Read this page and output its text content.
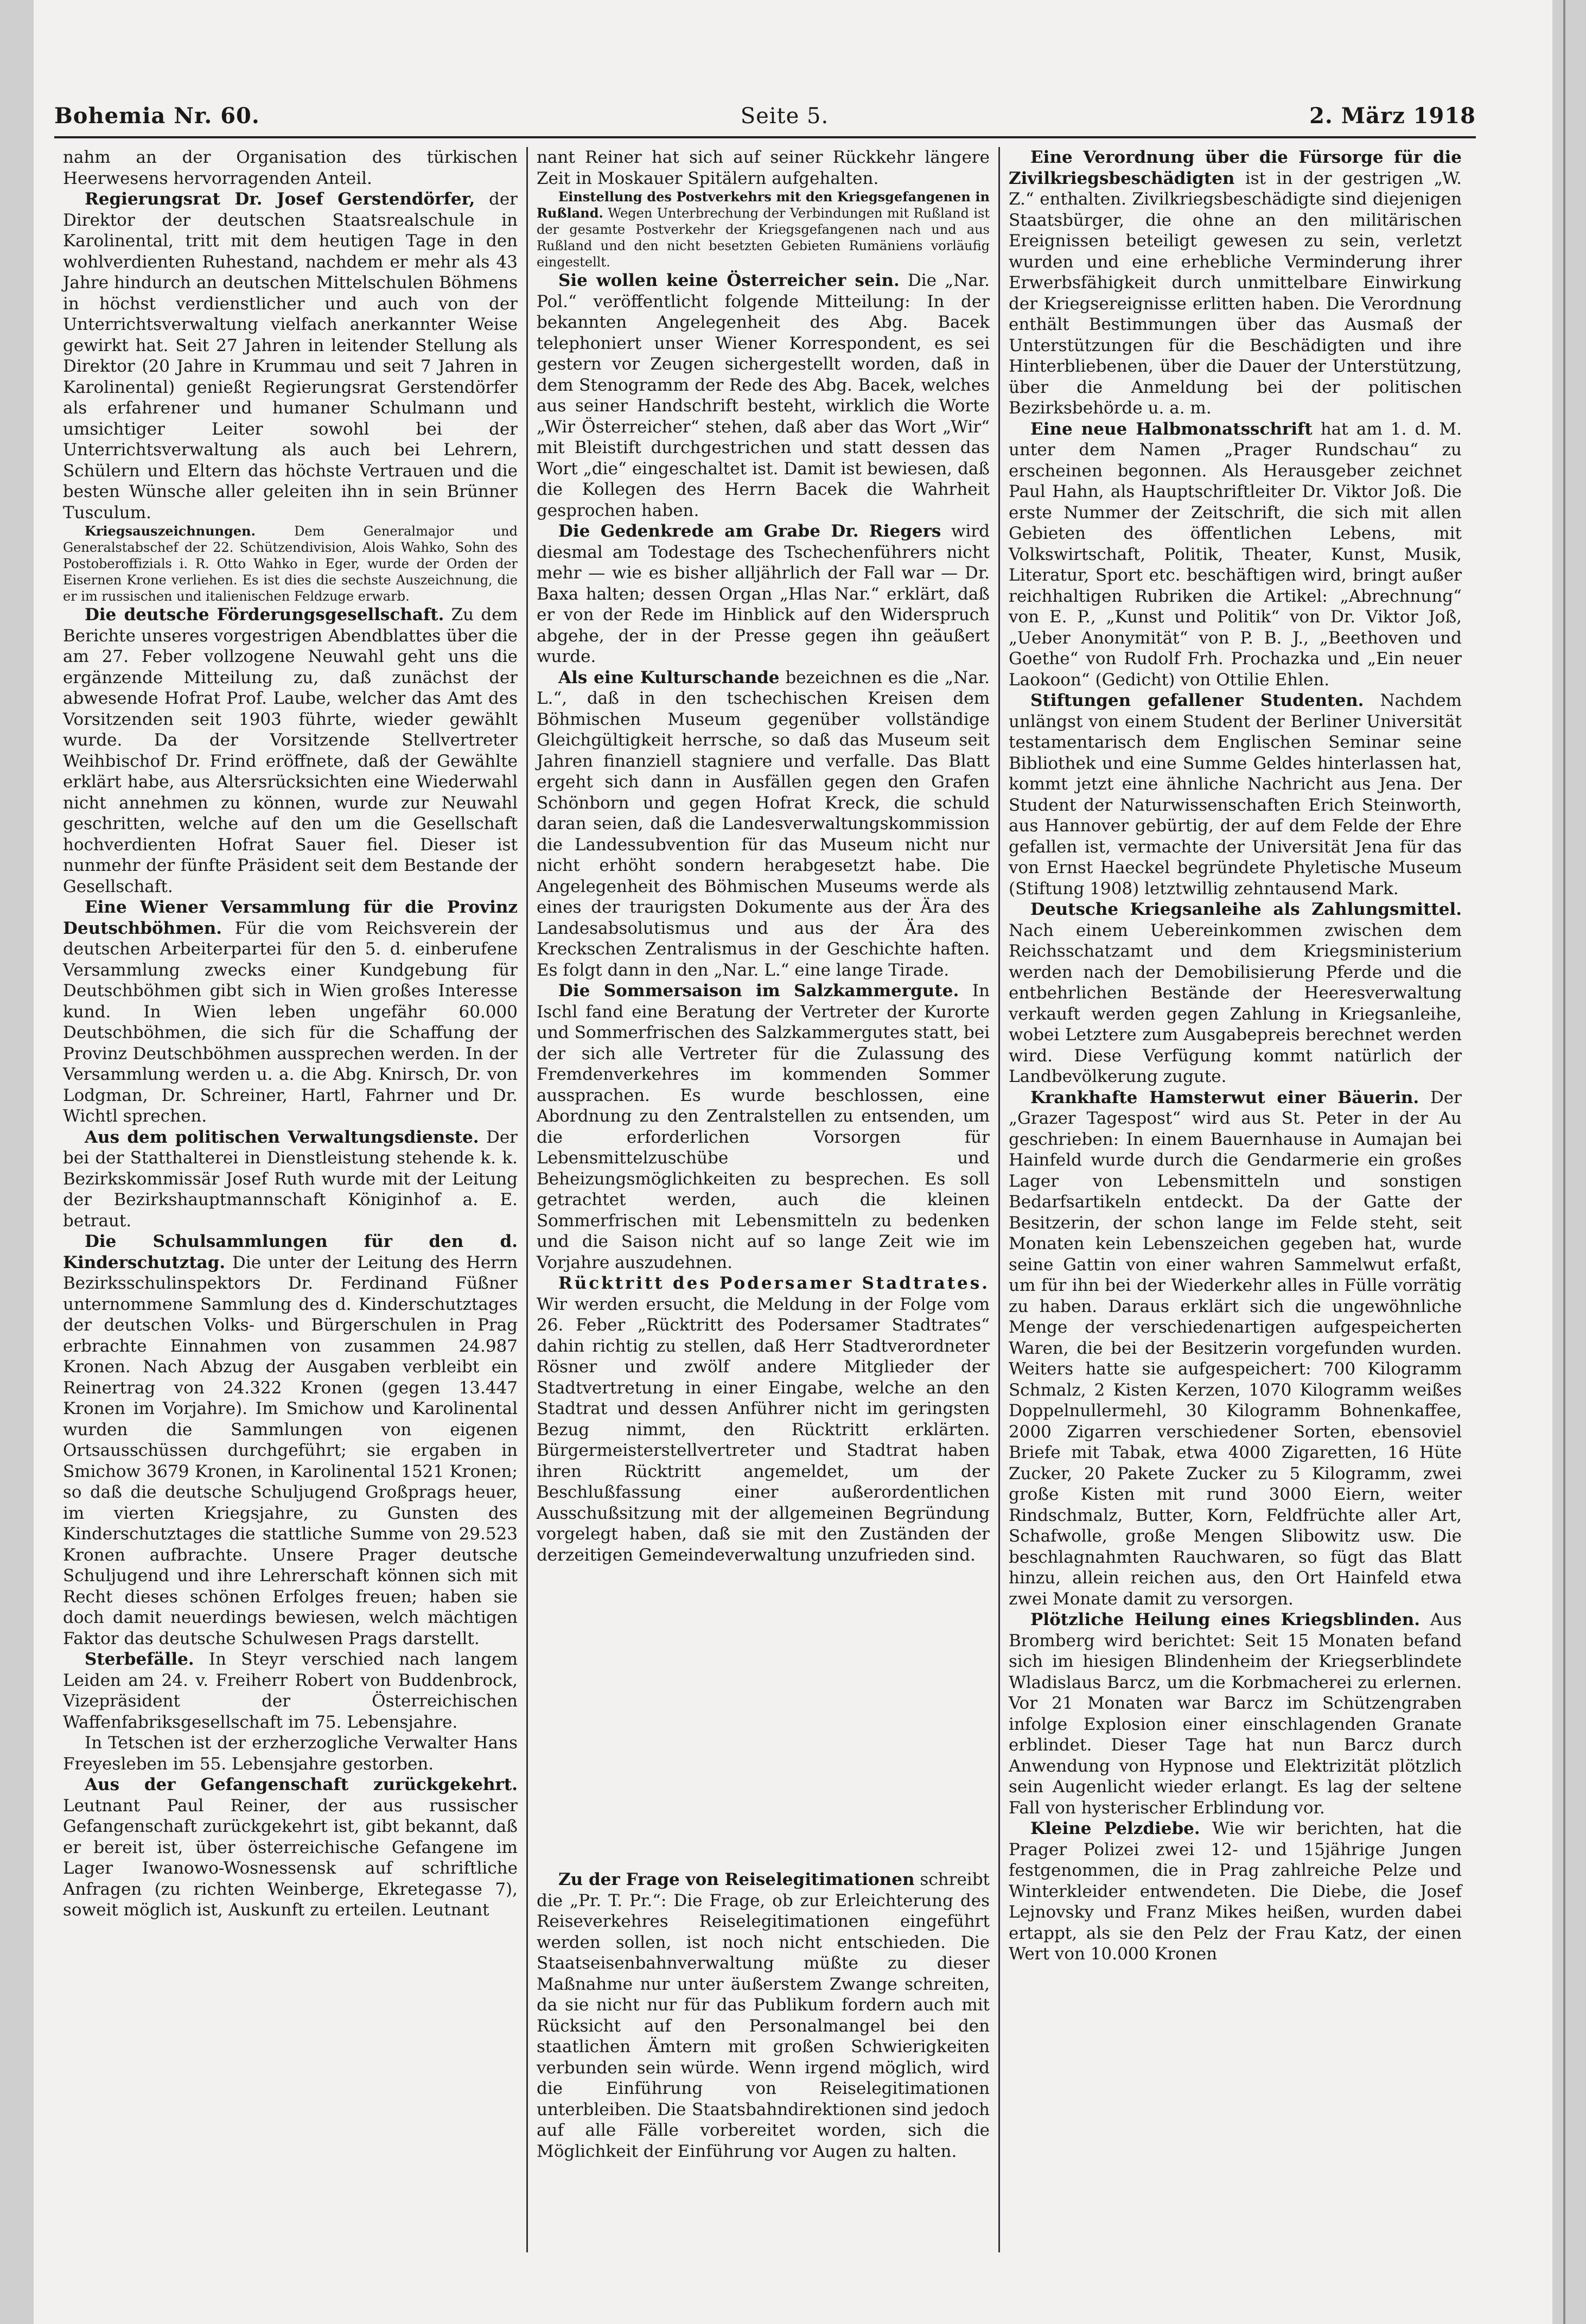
Bohemia Nr. 60.	Seite 5.	2. März 1918

nahm an der Organisation des türkischen Heerwesens hervorragenden Anteil.

Regierungsrat Dr. Josef Gerstendörfer, der Direktor der deutschen Staatsrealschule in Karolinental, tritt mit dem heutigen Tage in den wohlverdienten Ruhestand, nachdem er mehr als 43 Jahre hindurch an deutschen Mittelschulen Böhmens in höchst verdienstlicher und auch von der Unterrichtsverwaltung vielfach anerkannter Weise gewirkt hat. Seit 27 Jahren in leitender Stellung als Direktor (20 Jahre in Krummau und seit 7 Jahren in Karolinental) genießt Regierungsrat Gerstendörfer als erfahrener und humaner Schulmann und umsichtiger Leiter sowohl bei der Unterrichtsverwaltung als auch bei Lehrern, Schülern und Eltern das höchste Vertrauen und die besten Wünsche aller geleiten ihn in sein Brünner Tusculum.

Kriegsauszeichnungen.	Dem Generalmajor und Generalstabschef der 22. Schützendivision, Alois Wahko, Sohn des Postoberoffizials i. R. Otto Wahko in Eger, wurde der Orden der Eisernen Krone verliehen. Es ist dies die sechste Auszeichnung, die er im russischen und italienischen Feldzuge erwarb.

Die deutsche Förderungsgesellschaft. Zu dem Berichte unseres vorgestrigen Abendblattes über die am 27. Feber vollzogene Neuwahl geht uns die ergänzende Mitteilung zu, daß zunächst der abwesende Hofrat Prof. Laube, welcher das Amt des Vorsitzenden seit 1903 führte, wieder gewählt wurde. Da der Vorsitzende Stellvertreter Weihbischof Dr. Frind eröffnete, daß der Gewählte erklärt habe, aus Altersrücksichten eine Wiederwahl nicht annehmen zu können, wurde zur Neuwahl geschritten, welche auf den um die Gesellschaft hochverdienten Hofrat Sauer fiel. Dieser ist nunmehr der fünfte Präsident seit dem Bestande der Gesellschaft.

Eine Wiener Versammlung für die Provinz Deutschböhmen. Für die vom Reichsverein der deutschen Arbeiterpartei für den 5. d. einberufene Versammlung zwecks einer Kundgebung für Deutschböhmen gibt sich in Wien großes Interesse kund. In Wien leben ungefähr 60.000 Deutschböhmen, die sich für die Schaffung der Provinz Deutschböhmen aussprechen werden. In der Versammlung werden u. a. die Abg. Knirsch, Dr. von Lodgman, Dr. Schreiner, Hartl, Fahrner und Dr. Wichtl sprechen.

Aus dem politischen Verwaltungsdienste. Der bei der Statthalterei in Dienstleistung stehende k. k. Bezirkskommissär Josef Ruth wurde mit der Leitung der Bezirkshauptmannschaft Königinhof a. E. betraut.

Die Schulsammlungen für den d. Kinderschutztag. Die unter der Leitung des Herrn Bezirksschulinspektors Dr. Ferdinand Füßner unternommene Sammlung des d. Kinderschutztages der deutschen Volks- und Bürgerschulen in Prag erbrachte Einnahmen von zusammen 24.987 Kronen. Nach Abzug der Ausgaben verbleibt ein Reinertrag von 24.322 Kronen (gegen 13.447 Kronen im Vorjahre). Im Smichow und Karolinental wurden die Sammlungen von eigenen Ortsausschüssen durchgeführt; sie ergaben in Smichow 3679 Kronen, in Karolinental 1521 Kronen; so daß die deutsche Schuljugend Großprags heuer, im vierten Kriegsjahre, zu Gunsten des Kinderschutztages die stattliche Summe von 29.523 Kronen aufbrachte. Unsere Prager deutsche Schuljugend und ihre Lehrerschaft können sich mit Recht dieses schönen Erfolges freuen; haben sie doch damit neuerdings bewiesen, welch mächtigen Faktor das deutsche Schulwesen Prags darstellt.

Sterbefälle. In Steyr verschied nach langem Leiden am 24. v. Freiherr Robert von Buddenbrock, Vizepräsident der Österreichischen Waffenfabriksgesellschaft im 75. Lebensjahre.

In Tetschen ist der erzherzogliche Verwalter Hans Freyesleben im 55. Lebensjahre gestorben.

Aus der Gefangenschaft zurückgekehrt. Leutnant Paul Reiner, der aus russischer Gefangenschaft zurückgekehrt ist, gibt bekannt, daß er bereit ist, über österreichische Gefangene im Lager Iwanowo-Wosnessensk auf schriftliche Anfragen (zu richten Weinberge, Ekretegasse 7), soweit möglich ist, Auskunft zu erteilen. Leutnant

nant Reiner hat sich auf seiner Rückkehr längere Zeit in Moskauer Spitälern aufgehalten.

Einstellung des Postverkehrs mit den Kriegsgefangenen in Rußland. Wegen Unterbrechung der Verbindungen mit Rußland ist der gesamte Postverkehr der Kriegsgefangenen nach und aus Rußland und den nicht besetzten Gebieten Rumäniens vorläufig eingestellt.

Sie wollen keine Österreicher sein. Die „Nar. Pol.“ veröffentlicht folgende Mitteilung: In der bekannten Angelegenheit des Abg. Bacek telephoniert unser Wiener Korrespondent, es sei gestern vor Zeugen sichergestellt worden, daß in dem Stenogramm der Rede des Abg. Bacek, welches aus seiner Handschrift besteht, wirklich die Worte „Wir Österreicher“ stehen, daß aber das Wort „Wir“ mit Bleistift durchgestrichen und statt dessen das Wort „die“ eingeschaltet ist. Damit ist bewiesen, daß die Kollegen des Herrn Bacek die Wahrheit gesprochen haben.

Die Gedenkrede am Grabe Dr. Riegers wird diesmal am Todestage des Tschechenführers nicht mehr — wie es bisher alljährlich der Fall war — Dr. Baxa halten; dessen Organ „Hlas Nar.“ erklärt, daß er von der Rede im Hinblick auf den Widerspruch abgehe, der in der Presse gegen ihn geäußert wurde.

Als eine Kulturschande bezeichnen es die „Nar. L.“, daß in den tschechischen Kreisen dem Böhmischen Museum gegenüber vollständige Gleichgültigkeit herrsche, so daß das Museum seit Jahren finanziell stagniere und verfalle. Das Blatt ergeht sich dann in Ausfällen gegen den Grafen Schönborn und gegen Hofrat Kreck, die schuld daran seien, daß die Landesverwaltungskommission die Landessubvention für das Museum nicht nur nicht erhöht sondern herabgesetzt habe. Die Angelegenheit des Böhmischen Museums werde als eines der traurigsten Dokumente aus der Ära des Landesabsolutismus und aus der Ära des Kreckschen Zentralismus in der Geschichte haften. Es folgt dann in den „Nar. L.“ eine lange Tirade.

Die Sommersaison im Salzkammergute. In Ischl fand eine Beratung der Vertreter der Kurorte und Sommerfrischen des Salzkammergutes statt, bei der sich alle Vertreter für die Zulassung des Fremdenverkehres im kommenden Sommer aussprachen. Es wurde beschlossen, eine Abordnung zu den Zentralstellen zu entsenden, um die erforderlichen Vorsorgen für Lebensmittelzuschübe und Beheizungsmöglichkeiten zu besprechen. Es soll getrachtet werden, auch die kleinen Sommerfrischen mit Lebensmitteln zu bedenken und die Saison nicht auf so lange Zeit wie im Vorjahre auszudehnen.

Rücktritt des Podersamer Stadtrates. Wir werden ersucht, die Meldung in der Folge vom 26. Feber „Rücktritt des Podersamer Stadtrates“ dahin richtig zu stellen, daß Herr Stadtverordneter Rösner und zwölf andere Mitglieder der Stadtvertretung in einer Eingabe, welche an den Stadtrat und dessen Anführer nicht im geringsten Bezug nimmt, den Rücktritt erklärten. Bürgermeisterstellvertreter und Stadtrat haben ihren Rücktritt angemeldet, um der Beschlußfassung einer außerordentlichen Ausschußsitzung mit der allgemeinen Begründung vorgelegt haben, daß sie mit den Zuständen der derzeitigen Gemeindeverwaltung unzufrieden sind.

Zu der Frage von Reiselegitimationen schreibt die „Pr. T. Pr.“: Die Frage, ob zur Erleichterung des Reiseverkehres Reiselegitimationen eingeführt werden sollen, ist noch nicht entschieden. Die Staatseisenbahnverwaltung müßte zu dieser Maßnahme nur unter äußerstem Zwange schreiten, da sie nicht nur für das Publikum fordern auch mit Rücksicht auf den Personalmangel bei den staatlichen Ämtern mit großen Schwierigkeiten verbunden sein würde. Wenn irgend möglich, wird die Einführung von Reiselegitimationen unterbleiben. Die Staatsbahndirektionen sind jedoch auf alle Fälle vorbereitet worden, sich die Möglichkeit der Einführung vor Augen zu halten.

Eine Verordnung über die Fürsorge für die Zivilkriegsbeschädigten ist in der gestrigen „W. Z.“ enthalten. Zivilkriegsbeschädigte sind diejenigen Staatsbürger, die ohne an den militärischen Ereignissen beteiligt gewesen zu sein, verletzt wurden und eine erhebliche Verminderung ihrer Erwerbsfähigkeit durch unmittelbare Einwirkung der Kriegsereignisse erlitten haben. Die Verordnung enthält Bestimmungen über das Ausmaß der Unterstützungen für die Beschädigten und ihre Hinterbliebenen, über die Dauer der Unterstützung, über die Anmeldung bei der politischen Bezirksbehörde u. a. m.

Eine neue Halbmonatsschrift hat am 1. d. M. unter dem Namen „Prager Rundschau“ zu erscheinen begonnen. Als Herausgeber zeichnet Paul Hahn, als Hauptschriftleiter Dr. Viktor Joß. Die erste Nummer der Zeitschrift, die sich mit allen Gebieten des öffentlichen Lebens, mit Volkswirtschaft, Politik, Theater, Kunst, Musik, Literatur, Sport etc. beschäftigen wird, bringt außer reichhaltigen Rubriken die Artikel: „Abrechnung“ von E. P., „Kunst und Politik“ von Dr. Viktor Joß, „Ueber Anonymität“ von P. B. J., „Beethoven und Goethe“ von Rudolf Frh. Prochazka und „Ein neuer Laokoon“ (Gedicht) von Ottilie Ehlen.

Stiftungen gefallener Studenten. Nachdem unlängst von einem Student der Berliner Universität testamentarisch dem Englischen Seminar seine Bibliothek und eine Summe Geldes hinterlassen hat, kommt jetzt eine ähnliche Nachricht aus Jena. Der Student der Naturwissenschaften Erich Steinworth, aus Hannover gebürtig, der auf dem Felde der Ehre gefallen ist, vermachte der Universität Jena für das von Ernst Haeckel begründete Phyletische Museum (Stiftung 1908) letztwillig zehntausend Mark.

Deutsche Kriegsanleihe als Zahlungsmittel. Nach einem Uebereinkommen zwischen dem Reichsschatzamt und dem Kriegsministerium werden nach der Demobilisierung Pferde und die entbehrlichen Bestände der Heeresverwaltung verkauft werden gegen Zahlung in Kriegsanleihe, wobei Letztere zum Ausgabepreis berechnet werden wird. Diese Verfügung kommt natürlich der Landbevölkerung zugute.

Krankhafte Hamsterwut einer Bäuerin. Der „Grazer Tagespost“ wird aus St. Peter in der Au geschrieben: In einem Bauernhause in Aumajan bei Hainfeld wurde durch die Gendarmerie ein großes Lager von Lebensmitteln und sonstigen Bedarfsartikeln entdeckt. Da der Gatte der Besitzerin, der schon lange im Felde steht, seit Monaten kein Lebenszeichen gegeben hat, wurde seine Gattin von einer wahren Sammelwut erfaßt, um für ihn bei der Wiederkehr alles in Fülle vorrätig zu haben. Daraus erklärt sich die ungewöhnliche Menge der verschiedenartigen aufgespeicherten Waren, die bei der Besitzerin vorgefunden wurden. Weiters hatte sie aufgespeichert: 700 Kilogramm Schmalz, 2 Kisten Kerzen, 1070 Kilogramm weißes Doppelnullermehl, 30 Kilogramm Bohnenkaffee, 2000 Zigarren verschiedener Sorten, ebensoviel Briefe mit Tabak, etwa 4000 Zigaretten, 16 Hüte Zucker, 20 Pakete Zucker zu 5 Kilogramm, zwei große Kisten mit rund 3000 Eiern, weiter Rindschmalz, Butter, Korn, Feldfrüchte aller Art, Schafwolle, große Mengen Slibowitz usw. Die beschlagnahmten Rauchwaren, so fügt das Blatt hinzu, allein reichen aus, den Ort Hainfeld etwa zwei Monate damit zu versorgen.

Plötzliche Heilung eines Kriegsblinden. Aus Bromberg wird berichtet: Seit 15 Monaten befand sich im hiesigen Blindenheim der Kriegserblindete Wladislaus Barcz, um die Korbmacherei zu erlernen. Vor 21 Monaten war Barcz im Schützengraben infolge Explosion einer einschlagenden Granate erblindet. Dieser Tage hat nun Barcz durch Anwendung von Hypnose und Elektrizität plötzlich sein Augenlicht wieder erlangt. Es lag der seltene Fall von hysterischer Erblindung vor.

Kleine Pelzdiebe. Wie wir berichten, hat die Prager Polizei zwei 12- und 15jährige Jungen festgenommen, die in Prag zahlreiche Pelze und Winterkleider entwendeten. Die Diebe, die Josef Lejnovsky und Franz Mikes heißen, wurden dabei ertappt, als sie den Pelz der Frau Katz, der einen Wert von 10.000 Kronen
